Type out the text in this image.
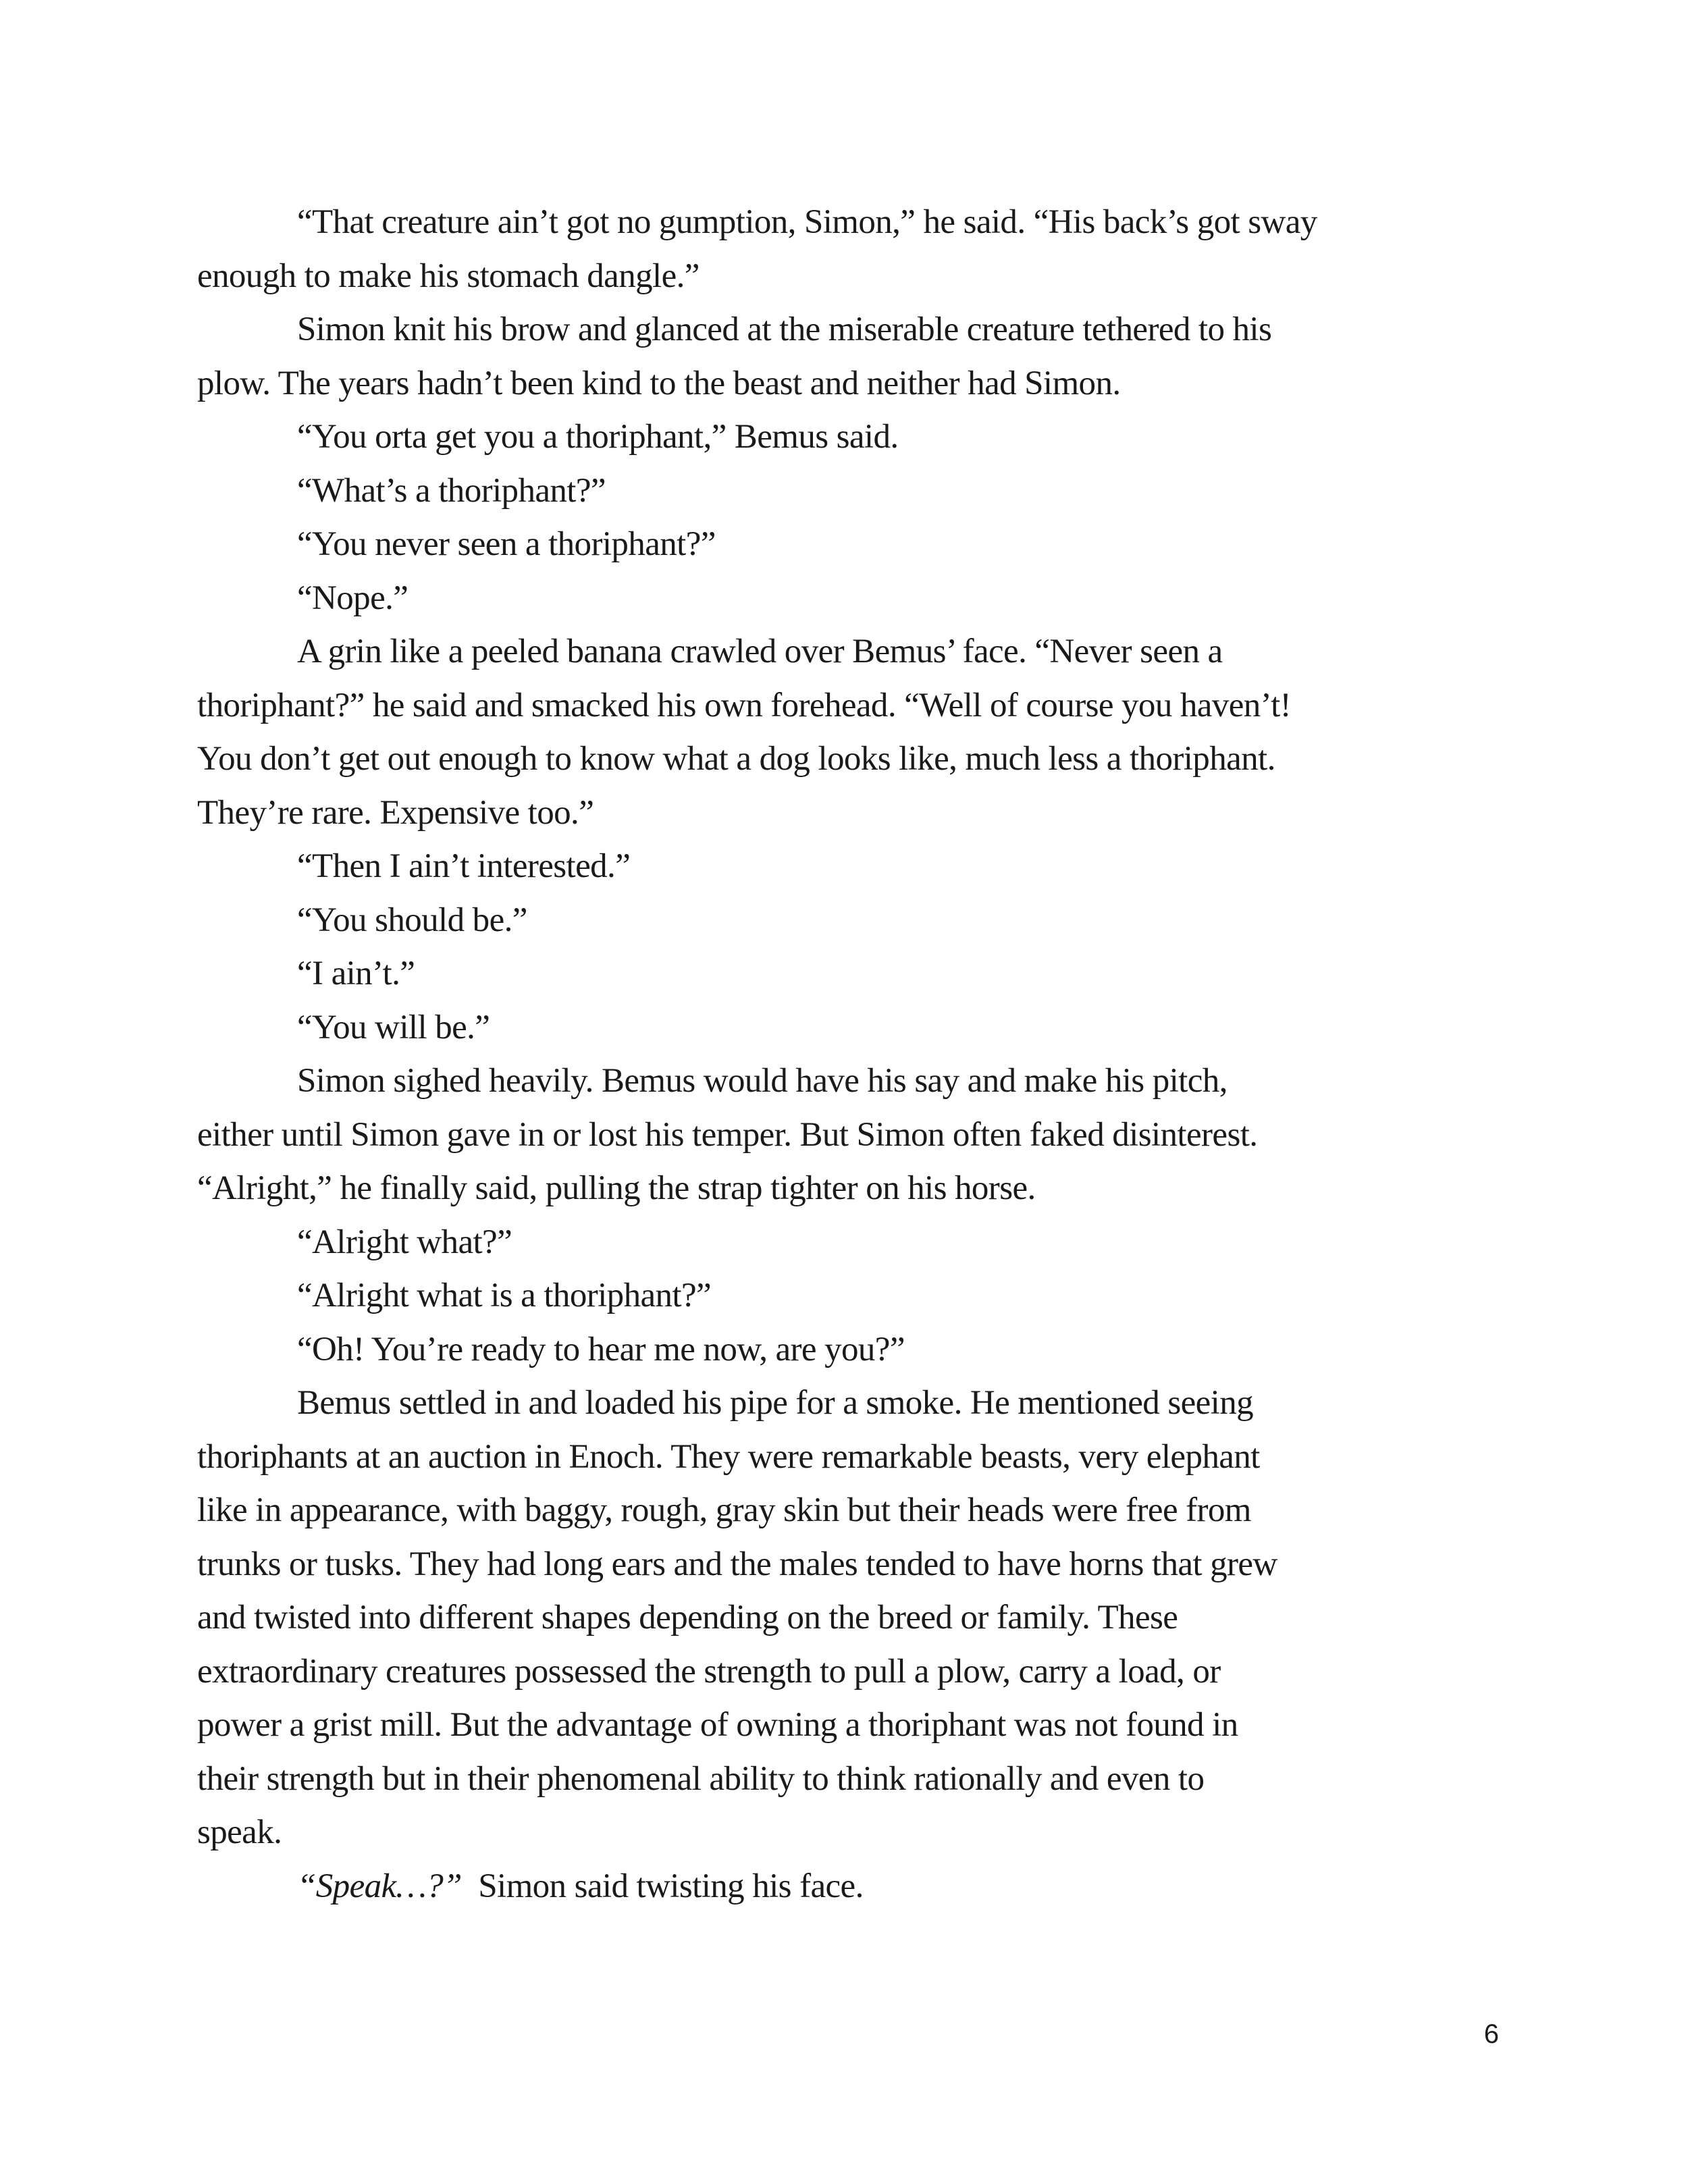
“That creature ain’t got no gumption, Simon,” he said. “His back’s got sway
enough to make his stomach dangle.”
Simon knit his brow and glanced at the miserable creature tethered to his
plow. The years hadn’t been kind to the beast and neither had Simon.
“You orta get you a thoriphant,” Bemus said.
“What’s a thoriphant?”
“You never seen a thoriphant?”
“Nope.”
A grin like a peeled banana crawled over Bemus’ face. “Never seen a
thoriphant?” he said and smacked his own forehead. “Well of course you haven’t!
You don’t get out enough to know what a dog looks like, much less a thoriphant.
They’re rare. Expensive too.”
“Then I ain’t interested.”
“You should be.”
“I ain’t.”
“You will be.”
Simon sighed heavily. Bemus would have his say and make his pitch,
either until Simon gave in or lost his temper. But Simon often faked disinterest.
“Alright,” he finally said, pulling the strap tighter on his horse.
“Alright what?”
“Alright what is a thoriphant?”
“Oh! You’re ready to hear me now, are you?”
Bemus settled in and loaded his pipe for a smoke. He mentioned seeing
thoriphants at an auction in Enoch. They were remarkable beasts, very elephant
like in appearance, with baggy, rough, gray skin but their heads were free from
trunks or tusks. They had long ears and the males tended to have horns that grew
and twisted into different shapes depending on the breed or family. These
extraordinary creatures possessed the strength to pull a plow, carry a load, or
power a grist mill. But the advantage of owning a thoriphant was not found in
their strength but in their phenomenal ability to think rationally and even to
speak.
“Speak…?”  Simon said twisting his face.
6
